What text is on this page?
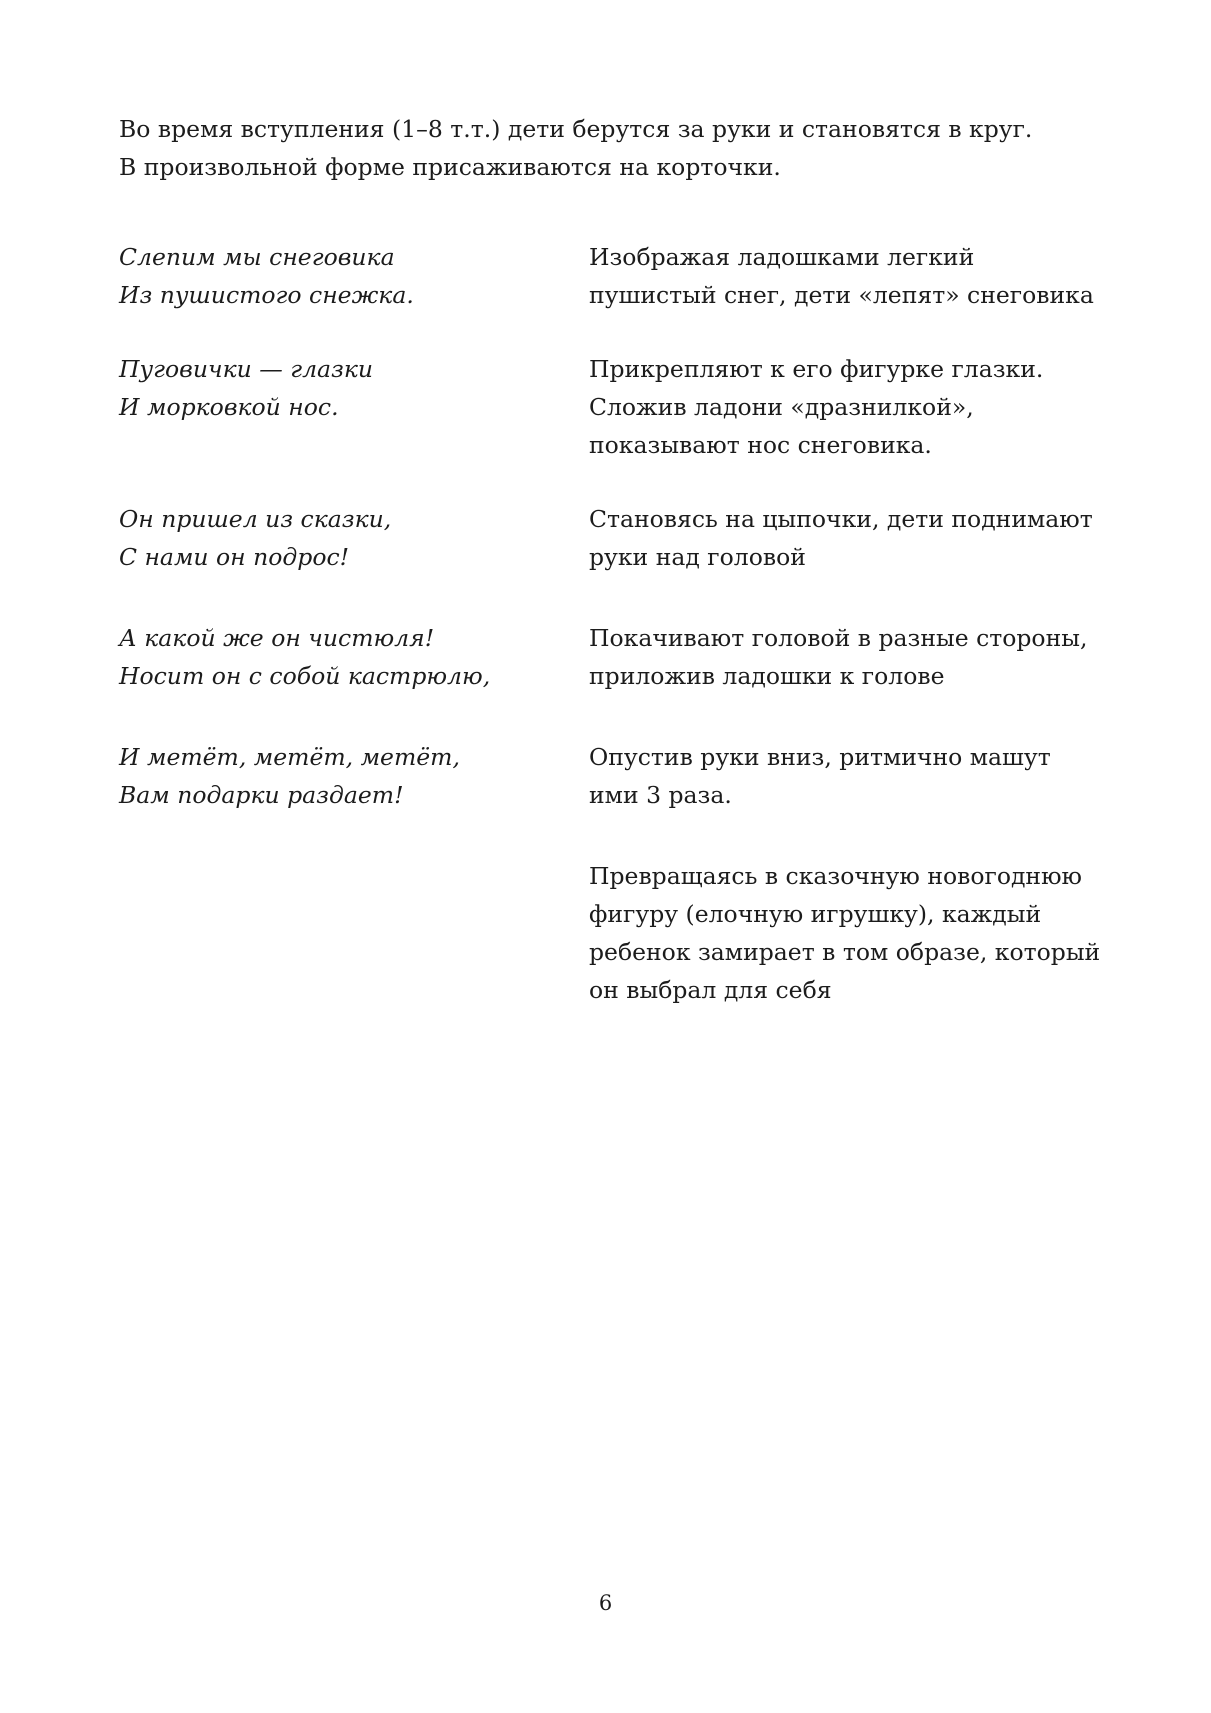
Во время вступления (1–8 т.т.) дети берутся за руки и становятся в круг.

В произвольной форме присаживаются на корточки.

Слепим мы снеговика
Из пушистого снежка.
Изображая ладошками легкий
пушистый снег, дети «лепят» снеговика
Пуговички — глазки
И морковкой нос.
Прикрепляют к его фигурке глазки.
Сложив ладони «дразнилкой»,
показывают нос снеговика.
Он пришел из сказки,
С нами он подрос!
Становясь на цыпочки, дети поднимают
руки над головой
А какой же он чистюля!
Носит он с собой кастрюлю,
Покачивают головой в разные стороны,
приложив ладошки к голове
И метёт, метёт, метёт,
Вам подарки раздает!
Опустив руки вниз, ритмично машут
ими 3 раза.
Превращаясь в сказочную новогоднюю
фигуру (елочную игрушку), каждый
ребенок замирает в том образе, который
он выбрал для себя
6
